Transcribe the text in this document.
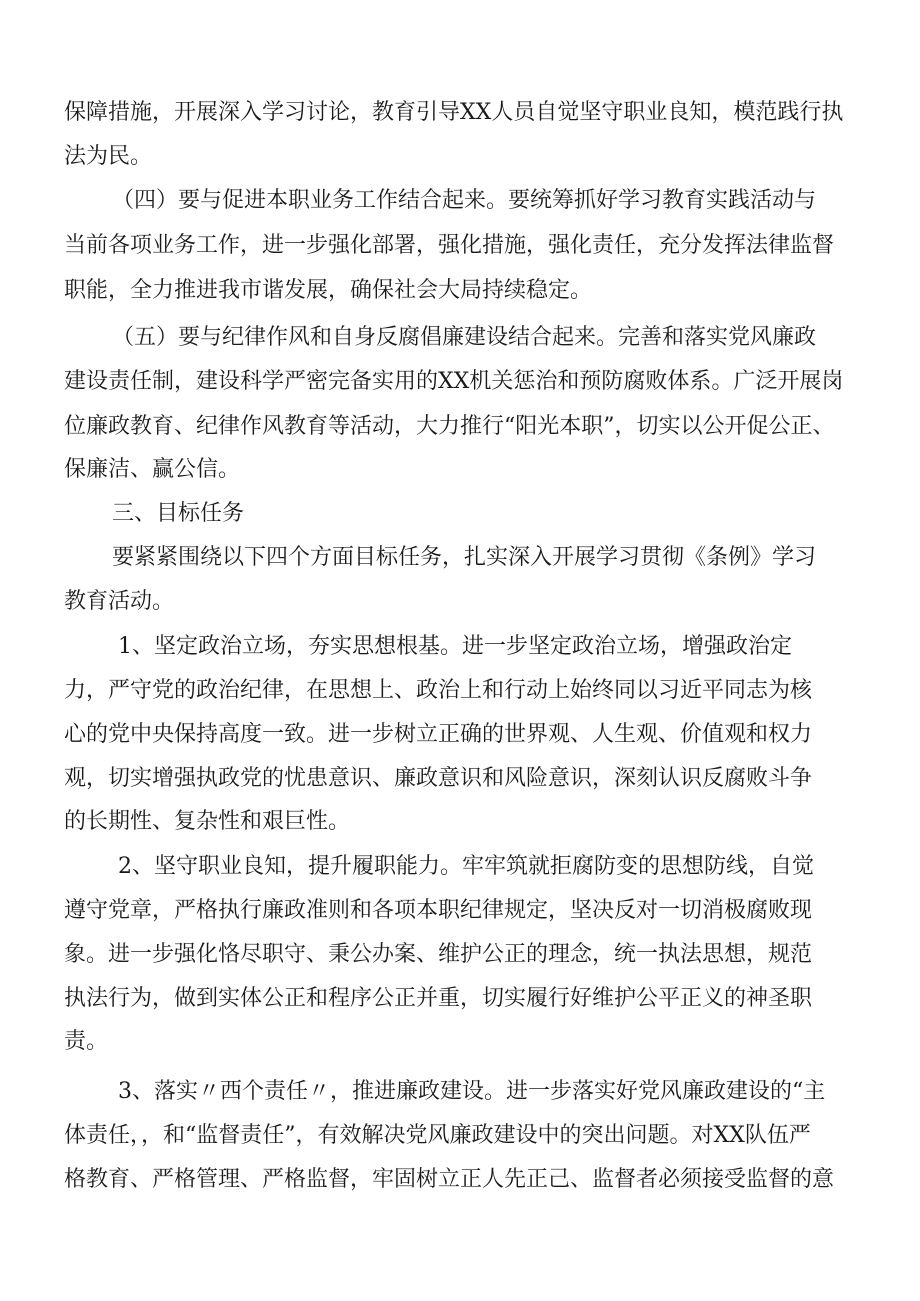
保障措施，开展深入学习讨论，教育引导XX人员自觉坚守职业良知，模范践行执
法为民。
（四）要与促进本职业务工作结合起来。要统筹抓好学习教育实践活动与
当前各项业务工作，进一步强化部署，强化措施，强化责任，充分发挥法律监督
职能，全力推进我市谐发展，确保社会大局持续稳定。
（五）要与纪律作风和自身反腐倡廉建设结合起来。完善和落实党风廉政
建设责任制，建设科学严密完备实用的XX机关惩治和预防腐败体系。广泛开展岗
位廉政教育、纪律作风教育等活动，大力推行“阳光本职”，切实以公开促公正、
保廉洁、赢公信。
三、目标任务
要紧紧围绕以下四个方面目标任务，扎实深入开展学习贯彻《条例》学习
教育活动。
1、坚定政治立场，夯实思想根基。进一步坚定政治立场，增强政治定
力，严守党的政治纪律，在思想上、政治上和行动上始终同以习近平同志为核
心的党中央保持高度一致。进一步树立正确的世界观、人生观、价值观和权力
观，切实增强执政党的忧患意识、廉政意识和风险意识，深刻认识反腐败斗争
的长期性、复杂性和艰巨性。
2、坚守职业良知，提升履职能力。牢牢筑就拒腐防变的思想防线，自觉
遵守党章，严格执行廉政准则和各项本职纪律规定，坚决反对一切消极腐败现
象。进一步强化恪尽职守、秉公办案、维护公正的理念，统一执法思想，规范
执法行为，做到实体公正和程序公正并重，切实履行好维护公平正义的神圣职
责。
3、落实〃西个责任〃，推进廉政建设。进一步落实好党风廉政建设的“主
体责任，，和“监督责任”，有效解决党风廉政建设中的突出问题。对XX队伍严
格教育、严格管理、严格监督，牢固树立正人先正己、监督者必须接受监督的意
